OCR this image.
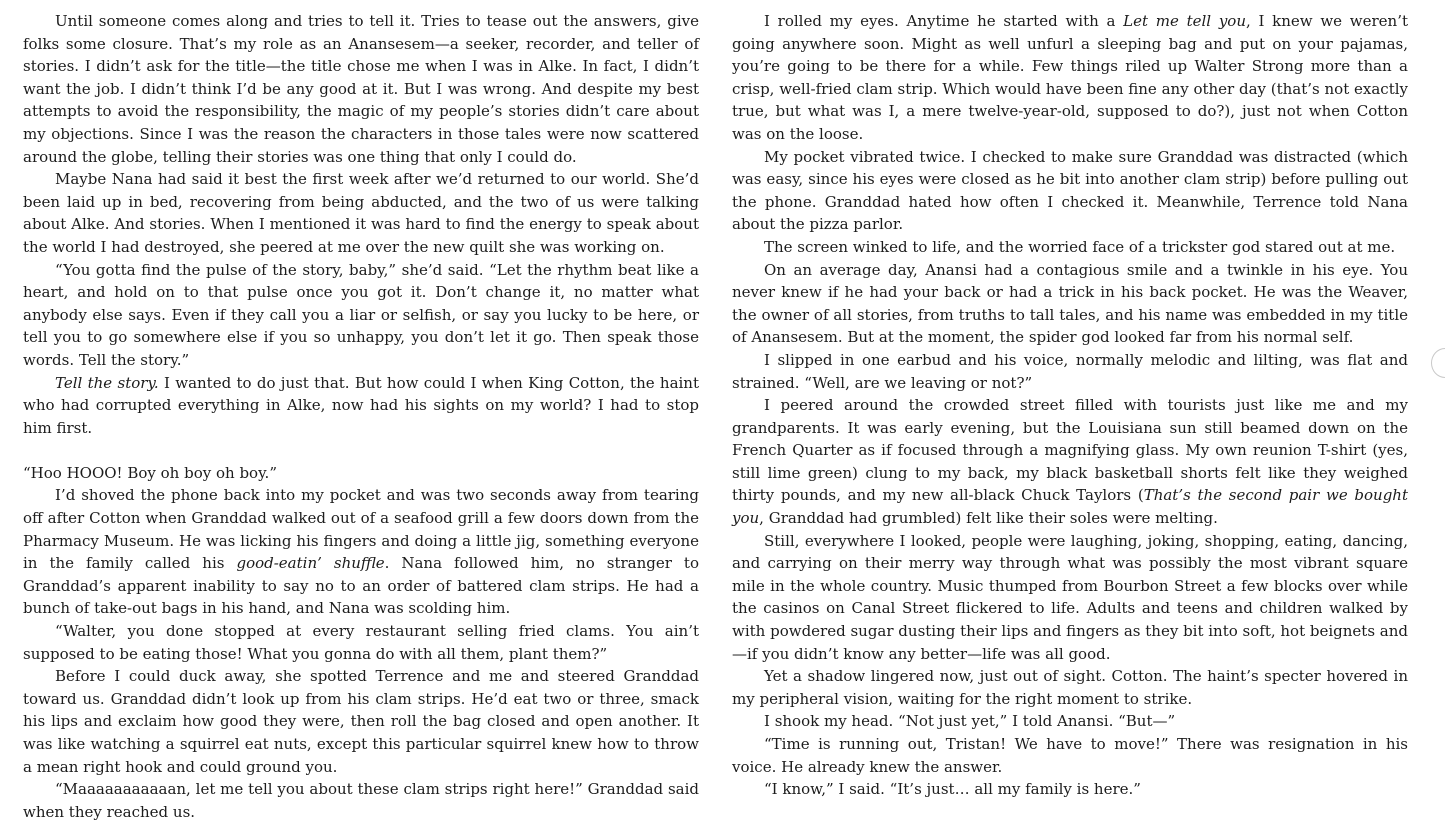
Until someone comes along and tries to tell it. Tries to tease out the answers, give folks some closure. That’s my role as an Anansesem—a seeker, recorder, and teller of stories. I didn’t ask for the title—the title chose me when I was in Alke. In fact, I didn’t want the job. I didn’t think I’d be any good at it. But I was wrong. And despite my best attempts to avoid the responsibility, the magic of my people’s stories didn’t care about my objections. Since I was the reason the characters in those tales were now scattered around the globe, telling their stories was one thing that only I could do.

Maybe Nana had said it best the first week after we’d returned to our world. She’d been laid up in bed, recovering from being abducted, and the two of us were talking about Alke. And stories. When I mentioned it was hard to find the energy to speak about the world I had destroyed, she peered at me over the new quilt she was working on.

“You gotta find the pulse of the story, baby,” she’d said. “Let the rhythm beat like a heart, and hold on to that pulse once you got it. Don’t change it, no matter what anybody else says. Even if they call you a liar or selfish, or say you lucky to be here, or tell you to go somewhere else if you so unhappy, you don’t let it go. Then speak those words. Tell the story.”

Tell the story. I wanted to do just that. But how could I when King Cotton, the haint who had corrupted everything in Alke, now had his sights on my world? I had to stop him first.

“Hoo HOOO! Boy oh boy oh boy.”

I’d shoved the phone back into my pocket and was two seconds away from tearing off after Cotton when Granddad walked out of a seafood grill a few doors down from the Pharmacy Museum. He was licking his fingers and doing a little jig, something everyone in the family called his good-eatin’ shuffle. Nana followed him, no stranger to Granddad’s apparent inability to say no to an order of battered clam strips. He had a bunch of take-out bags in his hand, and Nana was scolding him.

“Walter, you done stopped at every restaurant selling fried clams. You ain’t supposed to be eating those! What you gonna do with all them, plant them?”

Before I could duck away, she spotted Terrence and me and steered Granddad toward us. Granddad didn’t look up from his clam strips. He’d eat two or three, smack his lips and exclaim how good they were, then roll the bag closed and open another. It was like watching a squirrel eat nuts, except this particular squirrel knew how to throw a mean right hook and could ground you.

“Maaaaaaaaaaan, let me tell you about these clam strips right here!” Granddad said when they reached us.

I rolled my eyes. Anytime he started with a Let me tell you, I knew we weren’t going anywhere soon. Might as well unfurl a sleeping bag and put on your pajamas, you’re going to be there for a while. Few things riled up Walter Strong more than a crisp, well-fried clam strip. Which would have been fine any other day (that’s not exactly true, but what was I, a mere twelve-year-old, supposed to do?), just not when Cotton was on the loose.

My pocket vibrated twice. I checked to make sure Granddad was distracted (which was easy, since his eyes were closed as he bit into another clam strip) before pulling out the phone. Granddad hated how often I checked it. Meanwhile, Terrence told Nana about the pizza parlor.

The screen winked to life, and the worried face of a trickster god stared out at me.

On an average day, Anansi had a contagious smile and a twinkle in his eye. You never knew if he had your back or had a trick in his back pocket. He was the Weaver, the owner of all stories, from truths to tall tales, and his name was embedded in my title of Anansesem. But at the moment, the spider god looked far from his normal self.

I slipped in one earbud and his voice, normally melodic and lilting, was flat and strained. “Well, are we leaving or not?”

I peered around the crowded street filled with tourists just like me and my grandparents. It was early evening, but the Louisiana sun still beamed down on the French Quarter as if focused through a magnifying glass. My own reunion T-shirt (yes, still lime green) clung to my back, my black basketball shorts felt like they weighed thirty pounds, and my new all-black Chuck Taylors (That’s the second pair we bought you, Granddad had grumbled) felt like their soles were melting.

Still, everywhere I looked, people were laughing, joking, shopping, eating, dancing, and carrying on their merry way through what was possibly the most vibrant square mile in the whole country. Music thumped from Bourbon Street a few blocks over while the casinos on Canal Street flickered to life. Adults and teens and children walked by with powdered sugar dusting their lips and fingers as they bit into soft, hot beignets and—if you didn’t know any better—life was all good.

Yet a shadow lingered now, just out of sight. Cotton. The haint’s specter hovered in my peripheral vision, waiting for the right moment to strike.

I shook my head. “Not just yet,” I told Anansi. “But—”

“Time is running out, Tristan! We have to move!” There was resignation in his voice. He already knew the answer.

“I know,” I said. “It’s just… all my family is here.”
